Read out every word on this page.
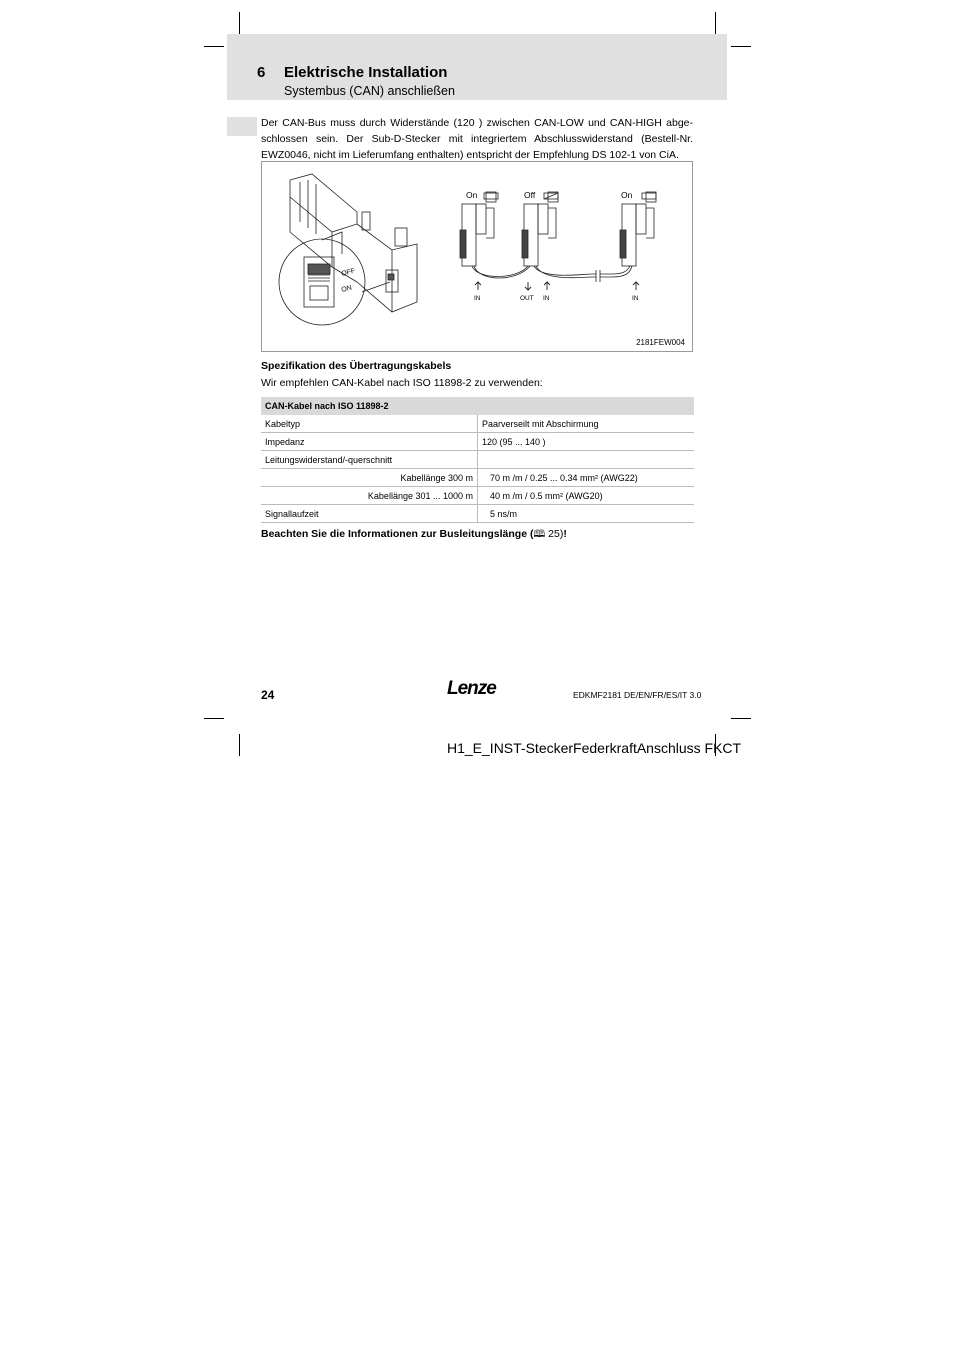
6 Elektrische Installation
Systembus (CAN) anschließen

Der CAN-Bus muss durch Widerstände (120 ) zwischen CAN-LOW und CAN-HIGH abge-

schlossen sein. Der Sub-D-Stecker mit integriertem Abschlusswiderstand (Bestell-Nr.

EWZ0046, nicht im Lieferumfang enthalten) entspricht der Empfehlung DS 102-1 von CiA.

OFF
ON
On	Off	On
IN	OUT IN	IN
2181FEW004
Spezifikation des Übertragungskabels
Wir empfehlen CAN-Kabel nach ISO 11898-2 zu verwenden:
CAN-Kabel nach ISO 11898-2	
Kabeltyp	Paarverseilt mit Abschirmung
Impedanz	120 (95 ... 140 )
Leitungswiderstand/-querschnitt	
Kabellänge 300 m	70 m /m / 0.25 ... 0.34 mm² (AWG22)
Kabellänge 301 ... 1000 m	40 m /m / 0.5 mm² (AWG20)
Signallaufzeit	5 ns/m
Beachten Sie die Informationen zur Busleitungslänge (🕮 25)!
24	Lenze	EDKMF2181 DE/EN/FR/ES/IT 3.0
H1_E_INST-SteckerFederkraftAnschluss FKCT
